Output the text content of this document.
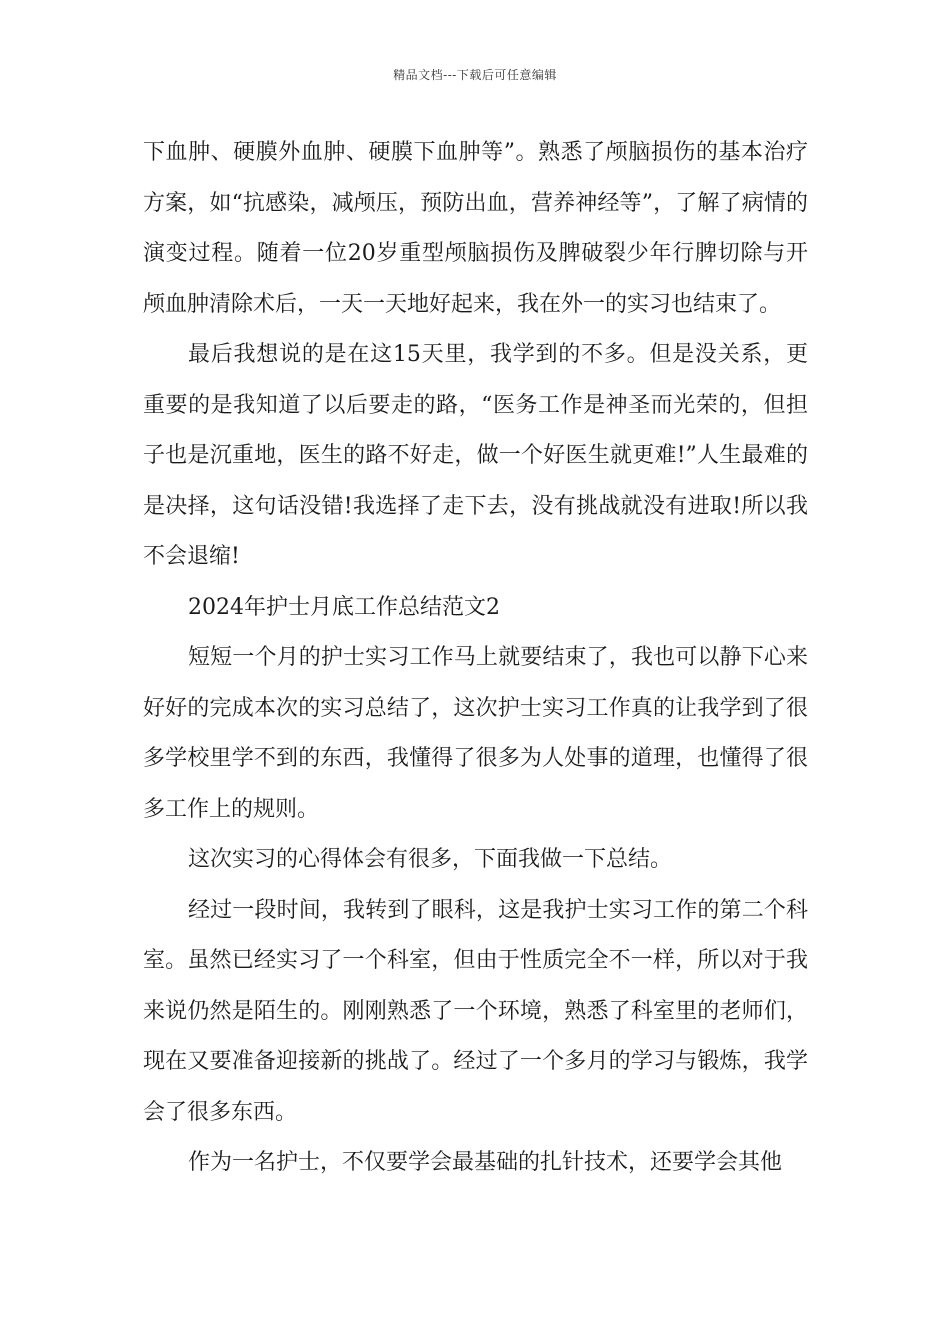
精品文档---下载后可任意编辑

下血肿、硬膜外血肿、硬膜下血肿等”。熟悉了颅脑损伤的基本治疗方案，如“抗感染，减颅压，预防出血，营养神经等”，了解了病情的演变过程。随着一位20岁重型颅脑损伤及脾破裂少年行脾切除与开颅血肿清除术后，一天一天地好起来，我在外一的实习也结束了。

最后我想说的是在这15天里，我学到的不多。但是没关系，更重要的是我知道了以后要走的路，“医务工作是神圣而光荣的，但担子也是沉重地，医生的路不好走，做一个好医生就更难!”人生最难的是决择，这句话没错!我选择了走下去，没有挑战就没有进取!所以我不会退缩!

2024年护士月底工作总结范文2

短短一个月的护士实习工作马上就要结束了，我也可以静下心来好好的完成本次的实习总结了，这次护士实习工作真的让我学到了很多学校里学不到的东西，我懂得了很多为人处事的道理，也懂得了很多工作上的规则。

这次实习的心得体会有很多，下面我做一下总结。

经过一段时间，我转到了眼科，这是我护士实习工作的第二个科室。虽然已经实习了一个科室，但由于性质完全不一样，所以对于我来说仍然是陌生的。刚刚熟悉了一个环境，熟悉了科室里的老师们，现在又要准备迎接新的挑战了。经过了一个多月的学习与锻炼，我学会了很多东西。

作为一名护士，不仅要学会最基础的扎针技术，还要学会其他
